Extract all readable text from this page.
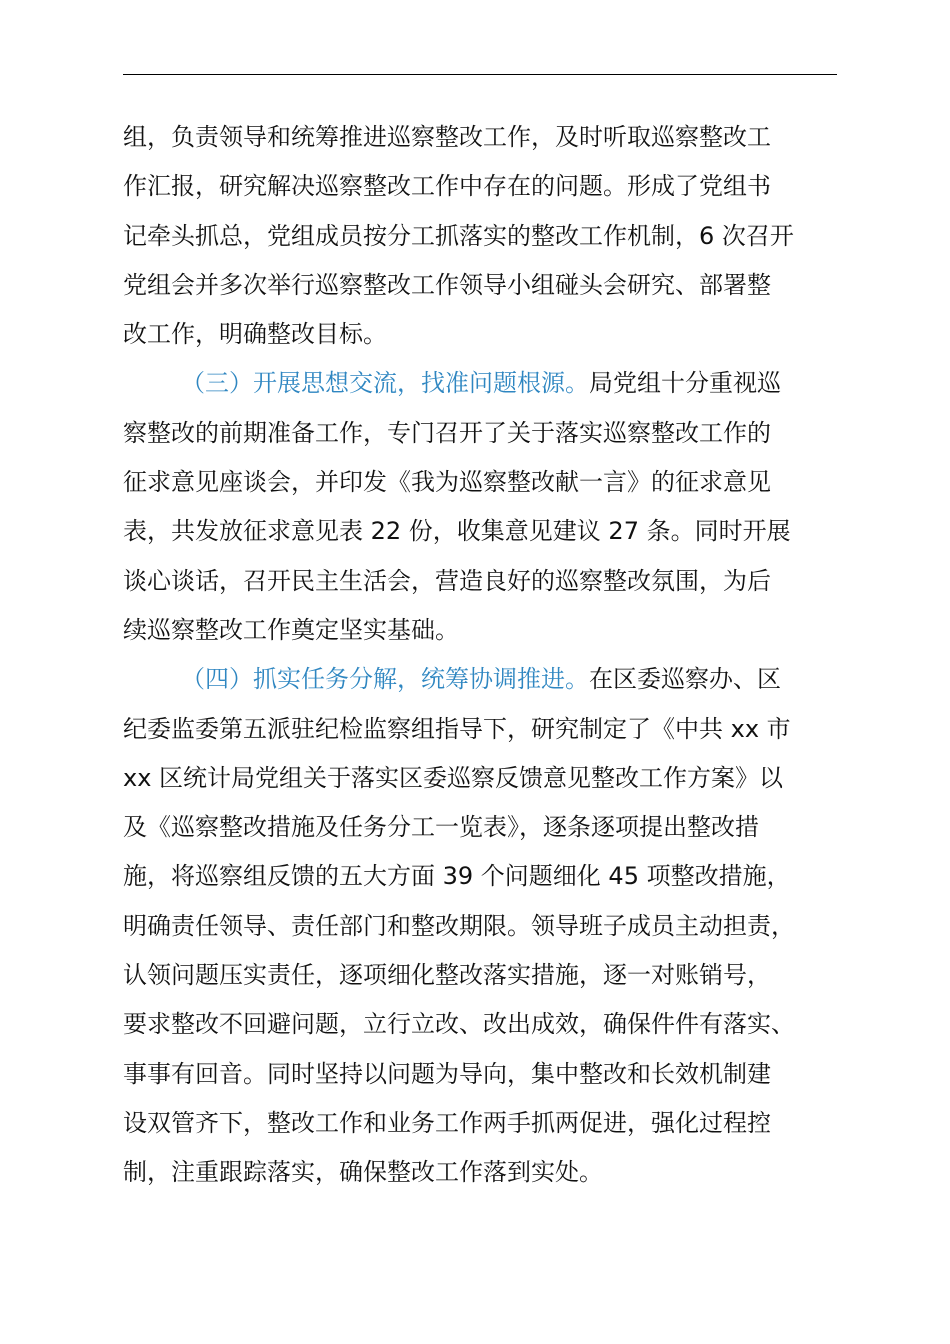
组，负责领导和统筹推进巡察整改工作，及时听取巡察整改工
作汇报，研究解决巡察整改工作中存在的问题。形成了党组书
记牵头抓总，党组成员按分工抓落实的整改工作机制，6 次召开
党组会并多次举行巡察整改工作领导小组碰头会研究、部署整
改工作，明确整改目标。
（三）开展思想交流，找准问题根源。局党组十分重视巡
察整改的前期准备工作，专门召开了关于落实巡察整改工作的
征求意见座谈会，并印发《我为巡察整改献一言》的征求意见
表，共发放征求意见表 22 份，收集意见建议 27 条。同时开展
谈心谈话，召开民主生活会，营造良好的巡察整改氛围，为后
续巡察整改工作奠定坚实基础。
（四）抓实任务分解，统筹协调推进。在区委巡察办、区
纪委监委第五派驻纪检监察组指导下，研究制定了《中共 xx 市
xx 区统计局党组关于落实区委巡察反馈意见整改工作方案》以
及《巡察整改措施及任务分工一览表》，逐条逐项提出整改措
施，将巡察组反馈的五大方面 39 个问题细化 45 项整改措施，
明确责任领导、责任部门和整改期限。领导班子成员主动担责，
认领问题压实责任，逐项细化整改落实措施，逐一对账销号，
要求整改不回避问题，立行立改、改出成效，确保件件有落实、
事事有回音。同时坚持以问题为导向，集中整改和长效机制建
设双管齐下，整改工作和业务工作两手抓两促进，强化过程控
制，注重跟踪落实，确保整改工作落到实处。
